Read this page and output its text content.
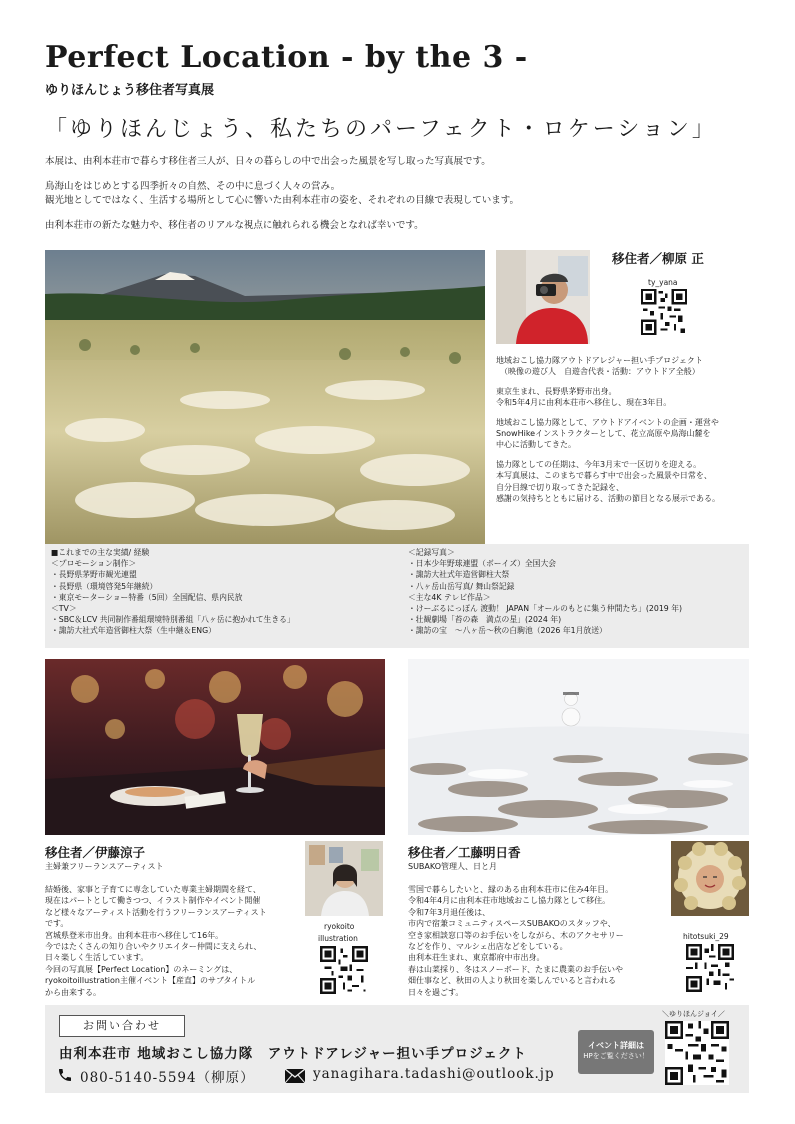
Perfect Location - by the 3 -
ゆりほんじょう移住者写真展
「ゆりほんじょう、私たちのパーフェクト・ロケーション」
本展は、由利本荘市で暮らす移住者三人が、日々の暮らしの中で出会った風景を写し取った写真展です。
鳥海山をはじめとする四季折々の自然、その中に息づく人々の営み。
観光地としてではなく、生活する場所として心に響いた由利本荘市の姿を、それぞれの目線で表現しています。
由利本荘市の新たな魅力や、移住者のリアルな視点に触れられる機会となれば幸いです。
移住者／柳原 正
ty_yana
地域おこし協力隊アウトドアレジャー担い手プロジェクト
（映像の遊び人　自遊舎代表・活動：アウトドア全般）
東京生まれ、長野県茅野市出身。
令和5年4月に由利本荘市へ移住し、現在3年目。
地域おこし協力隊として、アウトドアイベントの企画・運営や
SnowHikeインストラクターとして、花立高原や鳥海山麓を
中心に活動してきた。
協力隊としての任期は、今年3月末で一区切りを迎える。
本写真展は、このまちで暮らす中で出会った風景や日常を、
自分目線で切り取ってきた記録を、
感謝の気持ちとともに届ける、活動の節目となる展示である。
■これまでの主な実績/ 経験
＜プロモーション制作＞
・長野県茅野市観光連盟
・長野県（環境啓発5年継続）
・東京モーターショー特番（5回）全国配信、県内民放
＜TV＞
・SBC＆LCV 共同制作番組環境特別番組「八ヶ岳に抱かれて生きる」
・諏訪大社式年造営御柱大祭（生中継＆ENG）
＜記録写真＞
・日本少年野球連盟（ボーイズ）全国大会
・諏訪大社式年造営御柱大祭
・八ヶ岳山岳写真/ 舞山祭記録
＜主な4K テレビ作品＞
・けーぶるにっぽん 渡動！ JAPAN「オールのもとに集う仲間たち」(2019 年)
・壮観劇場「苔の森　満点の星」(2024 年)
・諏訪の宝　～八ヶ岳～秋の白駒池（2026 年1月放送）
移住者／伊藤涼子
主婦兼フリーランスアーティスト
結婚後、家事と子育てに専念していた専業主婦期間を経て、
現在はパートとして働きつつ、イラスト制作やイベント開催
など様々なアーティスト活動を行うフリーランスアーティスト
です。
宮城県登米市出身。由利本荘市へ移住して16年。
今ではたくさんの知り合いやクリエイター仲間に支えられ、
日々楽しく生活しています。
今回の写真展【Perfect Location】のネーミングは、
ryokoitoillustration主催イベント【産直】のサブタイトル
から由来する。
ryokoito
illustration
移住者／工藤明日香
SUBAKO管理人、日と月
雪国で暮らしたいと、縁のある由利本荘市に住み4年目。
令和4年4月に由利本荘市地域おこし協力隊として移住。
令和7年3月退任後は、
市内で宿兼コミュニティスペースSUBAKOのスタッフや、
空き家相談窓口等のお手伝いをしながら、木のアクセサリー
などを作り、マルシェ出店などをしている。
由利本荘生まれ、東京都府中市出身。
春は山菜採り、冬はスノーボード、たまに農業のお手伝いや
畑仕事など、秋田の人より秋田を楽しんでいると言われる
日々を過ごす。
hitotsuki_29
お問い合わせ
由利本荘市 地域おこし協力隊　アウトドアレジャー担い手プロジェクト
080-5140-5594（柳原）	yanagihara.tadashi@outlook.jp
イベント詳細は
HPをご覧ください！
＼ゆりほんジョイ／
